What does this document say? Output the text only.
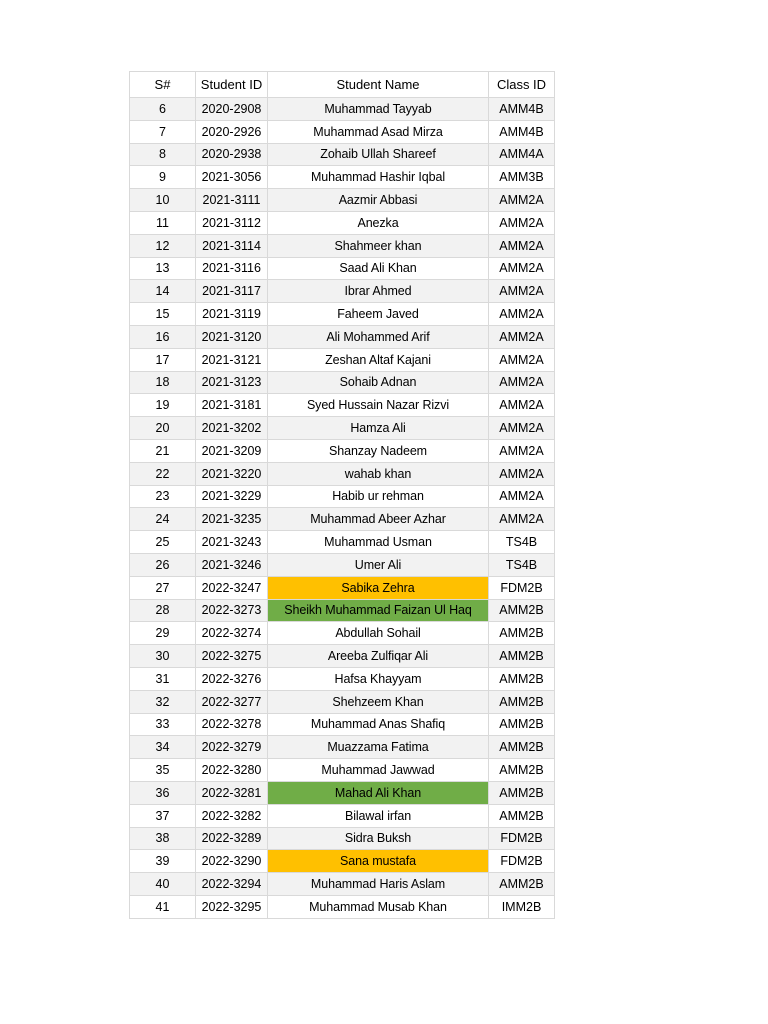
S#	Student ID	Student Name	Class ID
6	2020-2908	Muhammad Tayyab	AMM4B
7	2020-2926	Muhammad Asad Mirza	AMM4B
8	2020-2938	Zohaib Ullah Shareef	AMM4A
9	2021-3056	Muhammad Hashir Iqbal	AMM3B
10	2021-3111	Aazmir Abbasi	AMM2A
11	2021-3112	Anezka	AMM2A
12	2021-3114	Shahmeer khan	AMM2A
13	2021-3116	Saad Ali Khan	AMM2A
14	2021-3117	Ibrar Ahmed	AMM2A
15	2021-3119	Faheem Javed	AMM2A
16	2021-3120	Ali Mohammed Arif	AMM2A
17	2021-3121	Zeshan Altaf Kajani	AMM2A
18	2021-3123	Sohaib Adnan	AMM2A
19	2021-3181	Syed Hussain Nazar Rizvi	AMM2A
20	2021-3202	Hamza Ali	AMM2A
21	2021-3209	Shanzay Nadeem	AMM2A
22	2021-3220	wahab khan	AMM2A
23	2021-3229	Habib ur rehman	AMM2A
24	2021-3235	Muhammad Abeer Azhar	AMM2A
25	2021-3243	Muhammad Usman	TS4B
26	2021-3246	Umer Ali	TS4B
27	2022-3247	Sabika Zehra	FDM2B
28	2022-3273	Sheikh Muhammad Faizan Ul Haq	AMM2B
29	2022-3274	Abdullah Sohail	AMM2B
30	2022-3275	Areeba Zulfiqar Ali	AMM2B
31	2022-3276	Hafsa Khayyam	AMM2B
32	2022-3277	Shehzeem Khan	AMM2B
33	2022-3278	Muhammad Anas Shafiq	AMM2B
34	2022-3279	Muazzama Fatima	AMM2B
35	2022-3280	Muhammad Jawwad	AMM2B
36	2022-3281	Mahad Ali Khan	AMM2B
37	2022-3282	Bilawal irfan	AMM2B
38	2022-3289	Sidra Buksh	FDM2B
39	2022-3290	Sana mustafa	FDM2B
40	2022-3294	Muhammad Haris Aslam	AMM2B
41	2022-3295	Muhammad Musab Khan	IMM2B
